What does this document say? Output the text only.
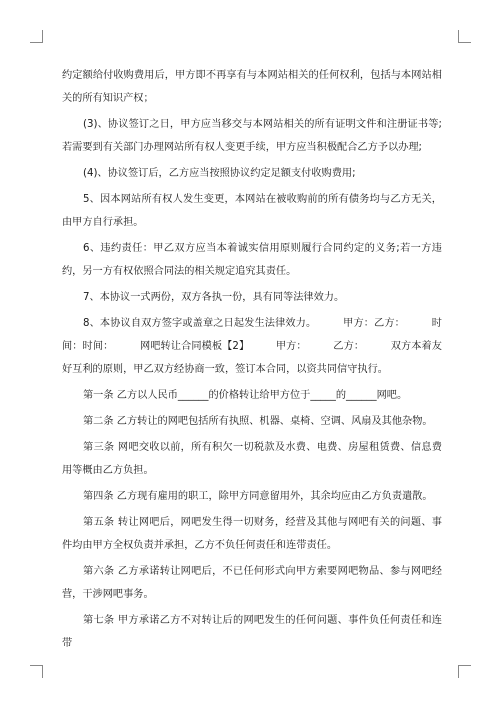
约定额给付收购费用后，甲方即不再享有与本网站相关的任何权利，包括与本网站相关的所有知识产权；

(3)、协议签订之日，甲方应当移交与本网站相关的所有证明文件和注册证书等;若需要到有关部门办理网站所有权人变更手续，甲方应当积极配合乙方予以办理;

(4)、协议签订后，乙方应当按照协议约定足额支付收购费用;

5、因本网站所有权人发生变更，本网站在被收购前的所有债务均与乙方无关，由甲方自行承担。

6、违约责任：甲乙双方应当本着诚实信用原则履行合同约定的义务;若一方违约，另一方有权依照合同法的相关规定追究其责任。

7、本协议一式两份，双方各执一份，具有同等法律效力。

8、本协议自双方签字或盖章之日起发生法律效力。        甲方：乙方：        时间：时间：        网吧转让合同模板【2】        甲方：        乙方：        双方本着友好互利的原则，甲乙双方经协商一致，签订本合同，以资共同信守执行。

第一条 乙方以人民币______的价格转让给甲方位于_____的______网吧。

第二条 乙方转让的网吧包括所有执照、机器、桌椅、空调、风扇及其他杂物。

第三条 网吧交收以前，所有积欠一切税款及水费、电费、房屋租赁费、信息费用等概由乙方负担。

第四条 乙方现有雇用的职工，除甲方同意留用外，其余均应由乙方负责遣散。

第五条 转让网吧后，网吧发生得一切财务，经营及其他与网吧有关的问题、事件均由甲方全权负责并承担，乙方不负任何责任和连带责任。

第六条 乙方承诺转让网吧后，不已任何形式向甲方索要网吧物品、参与网吧经营，干涉网吧事务。

第七条 甲方承诺乙方不对转让后的网吧发生的任何问题、事件负任何责任和连带
